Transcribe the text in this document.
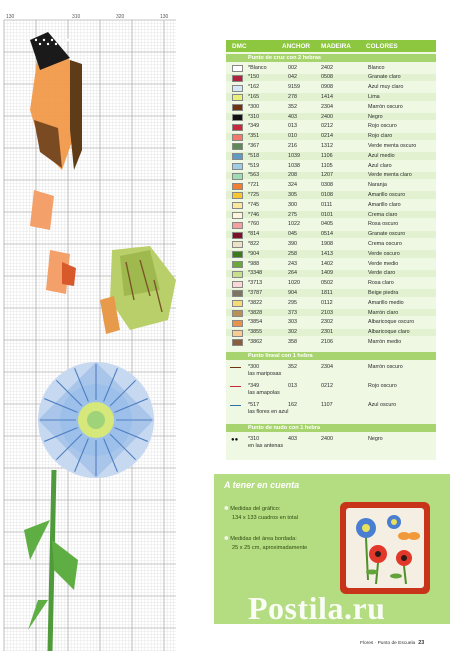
130	310	320	130
DMC	ANCHOR MADEIRA COLORES
Punto de cruz con 2 hebras
*Blanco	002	2402	Blanco
*150	042	0508	Granate claro
*162	9159	0908	Azul muy claro
*165	278	1414	Lima
*300	352	2304	Marrón oscuro
*310	403	2400	Negro
*349	013	0212	Rojo oscuro
*351	010	0214	Rojo claro
*367	216	1312	Verde menta oscuro
*518	1039	1106	Azul medio
*519	1038	1105	Azul claro
*563	208	1207	Verde menta claro
*721	324	0308	Naranja
*725	305	0108	Amarillo oscuro
*745	300	0111	Amarillo claro
*746	275	0101	Crema claro
*760	1022	0405	Rosa oscuro
*814	045	0514	Granate oscuro
*822	390	1908	Crema oscuro
*904	258	1413	Verde oscuro
*988	243	1402	Verde medio
*3348	264	1409	Verde claro
*3713	1020	0502	Rosa claro
*3787	904	1811	Beige piedra
*3822	295	0112	Amarillo medio
*3828	373	2103	Marrón claro
*3854	303	2302	Albaricoque oscuro
*3855	302	2301	Albaricoque claro
*3862	358	2106	Marrón medio
Punto lineal con 1 hebra
*300	352	2304	Marrón oscuro
las mariposas
*349	013	0212	Rojo oscuro
las amapolas
*517	162	1107	Azul oscuro
las flores en azul
Punto de nudo con 1 hebra
●● *310	403	2400	Negro
en las antenas
A tener en cuenta
✽ Medidas del gráfico:
134 x 133 cuadros en total
✽ Medidas del área bordada:
25 x 25 cm, aproximadamente
Postila.ru
Flores · Punto de Escuela 23
